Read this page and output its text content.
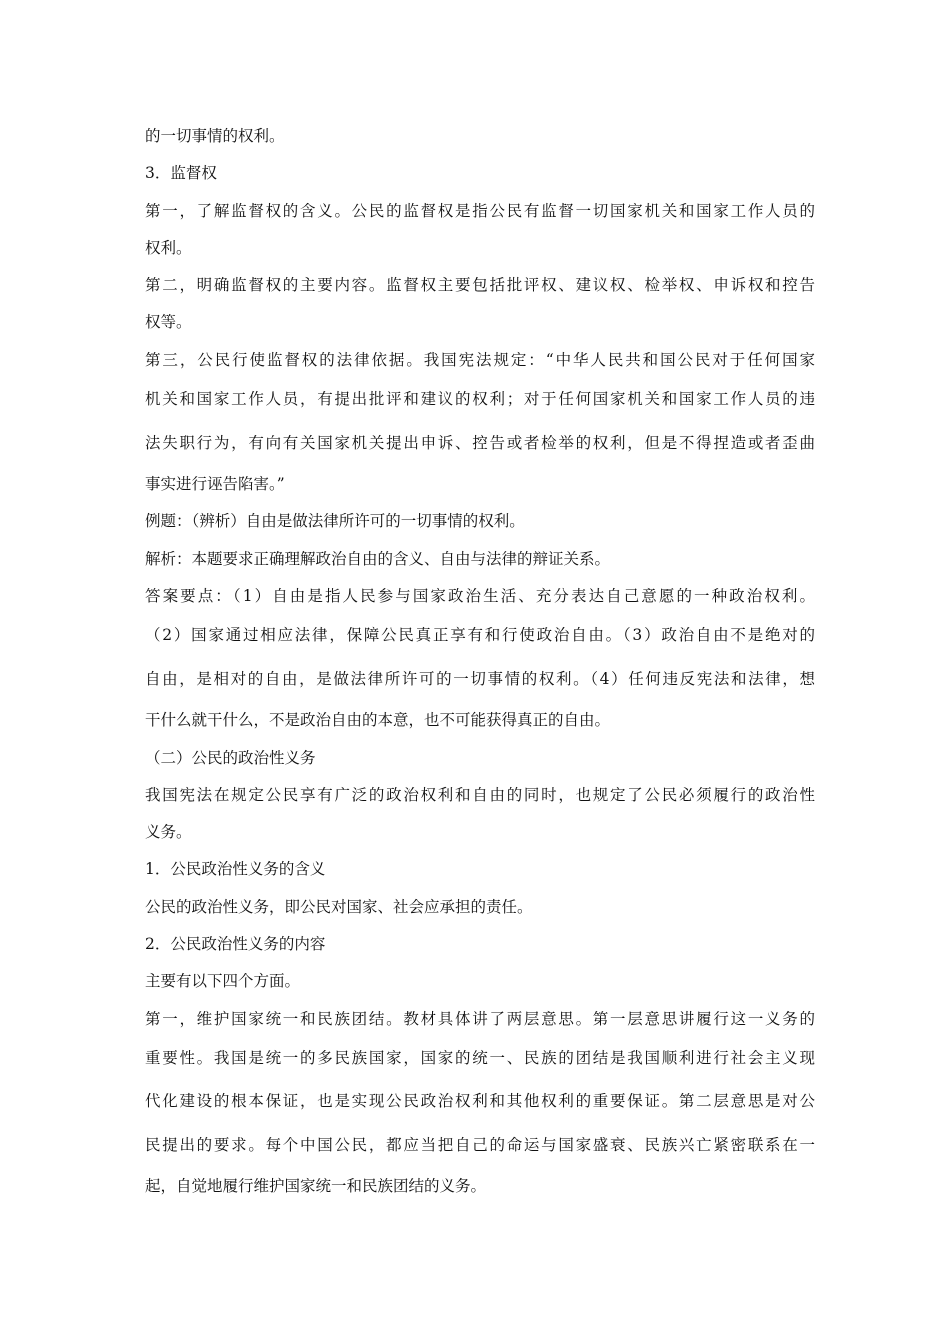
的一切事情的权利。
3．监督权
第一，了解监督权的含义。公民的监督权是指公民有监督一切国家机关和国家工作人员的
权利。
第二，明确监督权的主要内容。监督权主要包括批评权、建议权、检举权、申诉权和控告
权等。
第三，公民行使监督权的法律依据。我国宪法规定：“中华人民共和国公民对于任何国家
机关和国家工作人员，有提出批评和建议的权利；对于任何国家机关和国家工作人员的违
法失职行为，有向有关国家机关提出申诉、控告或者检举的权利，但是不得捏造或者歪曲
事实进行诬告陷害。”
例题：（辨析）自由是做法律所许可的一切事情的权利。
解析：本题要求正确理解政治自由的含义、自由与法律的辩证关系。
答案要点：（1）自由是指人民参与国家政治生活、充分表达自己意愿的一种政治权利。
（2）国家通过相应法律，保障公民真正享有和行使政治自由。（3）政治自由不是绝对的
自由，是相对的自由，是做法律所许可的一切事情的权利。（4）任何违反宪法和法律，想
干什么就干什么，不是政治自由的本意，也不可能获得真正的自由。
（二）公民的政治性义务
我国宪法在规定公民享有广泛的政治权利和自由的同时，也规定了公民必须履行的政治性
义务。
1．公民政治性义务的含义
公民的政治性义务，即公民对国家、社会应承担的责任。
2．公民政治性义务的内容
主要有以下四个方面。
第一，维护国家统一和民族团结。教材具体讲了两层意思。第一层意思讲履行这一义务的
重要性。我国是统一的多民族国家，国家的统一、民族的团结是我国顺利进行社会主义现
代化建设的根本保证，也是实现公民政治权利和其他权利的重要保证。第二层意思是对公
民提出的要求。每个中国公民，都应当把自己的命运与国家盛衰、民族兴亡紧密联系在一
起，自觉地履行维护国家统一和民族团结的义务。
